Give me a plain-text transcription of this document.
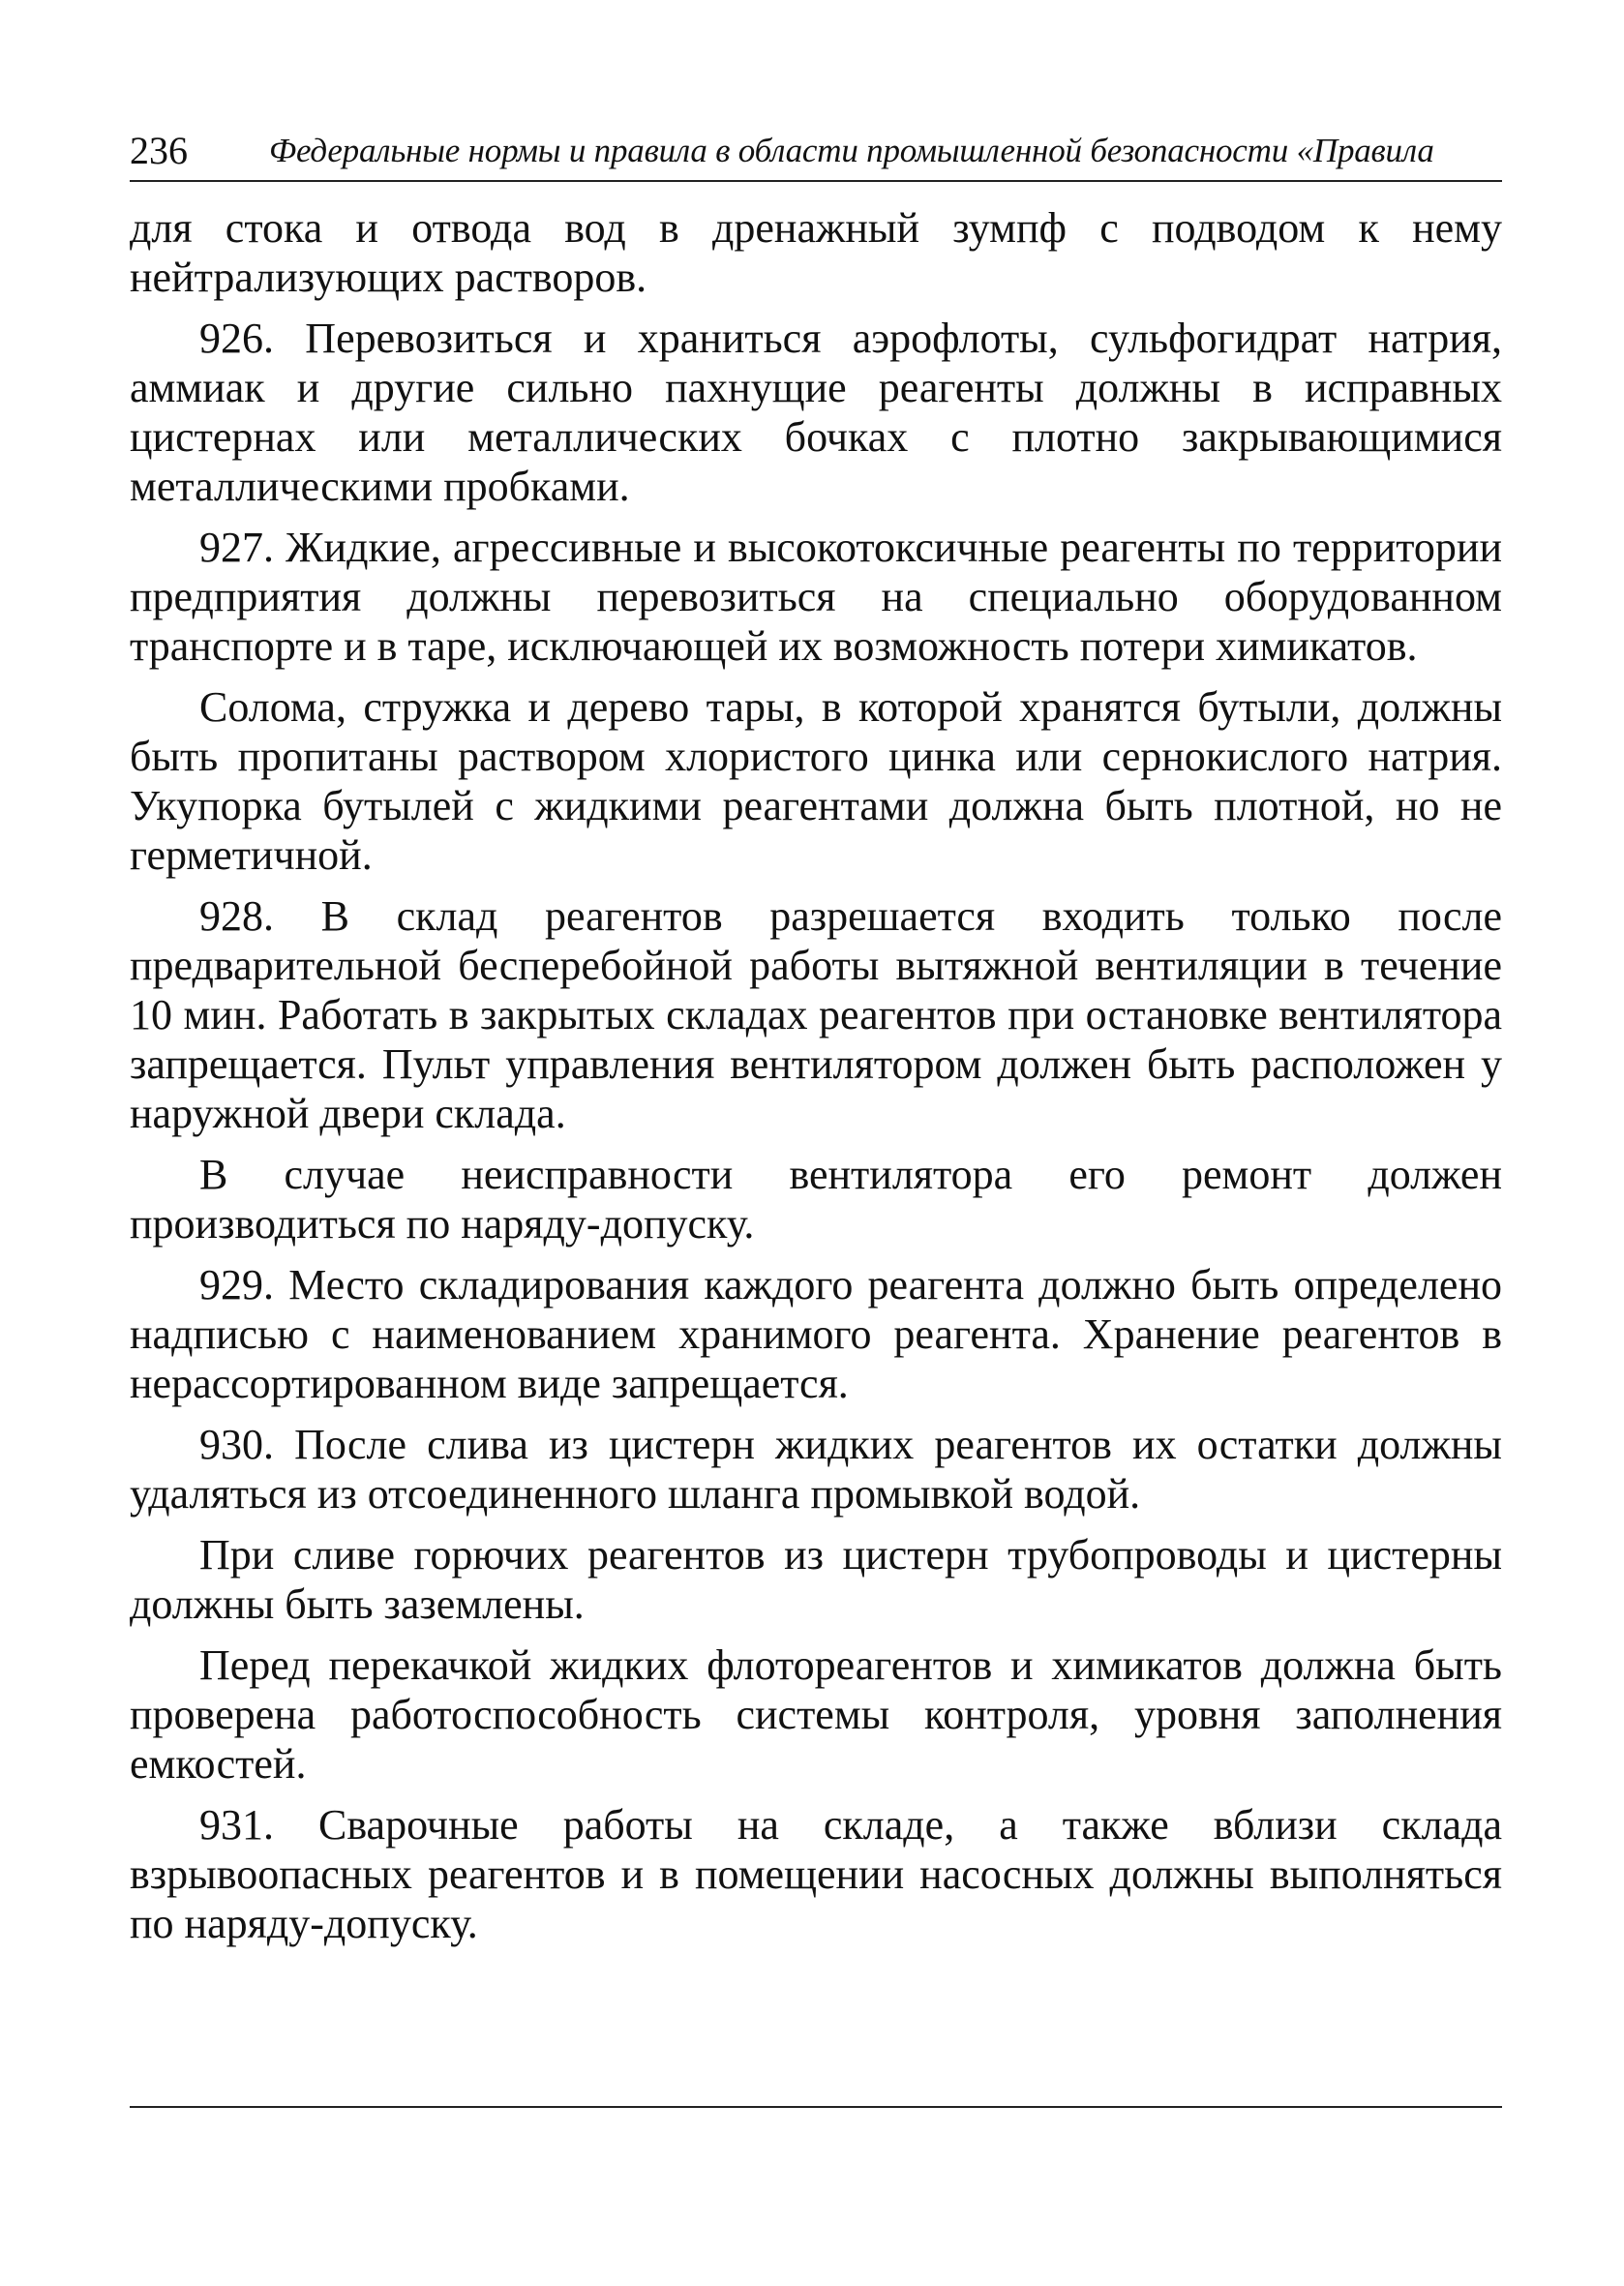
236 Федеральные нормы и правила в области промышленной безопасности «Правила

для стока и отвода вод в дренажный зумпф с подводом к нему нейтрализующих растворов.

926. Перевозиться и храниться аэрофлоты, сульфогидрат натрия, аммиак и другие сильно пахнущие реагенты должны в исправных цистернах или металлических бочках с плотно закрывающимися металлическими пробками.

927. Жидкие, агрессивные и высокотоксичные реагенты по территории предприятия должны перевозиться на специально оборудованном транспорте и в таре, исключающей их возможность потери химикатов.

Солома, стружка и дерево тары, в которой хранятся бутыли, должны быть пропитаны раствором хлористого цинка или сернокислого натрия. Укупорка бутылей с жидкими реагентами должна быть плотной, но не герметичной.

928. В склад реагентов разрешается входить только после предварительной бесперебойной работы вытяжной вентиляции в течение 10 мин. Работать в закрытых складах реагентов при остановке вентилятора запрещается. Пульт управления вентилятором должен быть расположен у наружной двери склада.

В случае неисправности вентилятора его ремонт должен производиться по наряду-допуску.

929. Место складирования каждого реагента должно быть определено надписью с наименованием хранимого реагента. Хранение реагентов в нерассортированном виде запрещается.

930. После слива из цистерн жидких реагентов их остатки должны удаляться из отсоединенного шланга промывкой водой.

При сливе горючих реагентов из цистерн трубопроводы и цистерны должны быть заземлены.

Перед перекачкой жидких флотореагентов и химикатов должна быть проверена работоспособность системы контроля, уровня заполнения емкостей.

931. Сварочные работы на складе, а также вблизи склада взрывоопасных реагентов и в помещении насосных должны выполняться по наряду-допуску.
